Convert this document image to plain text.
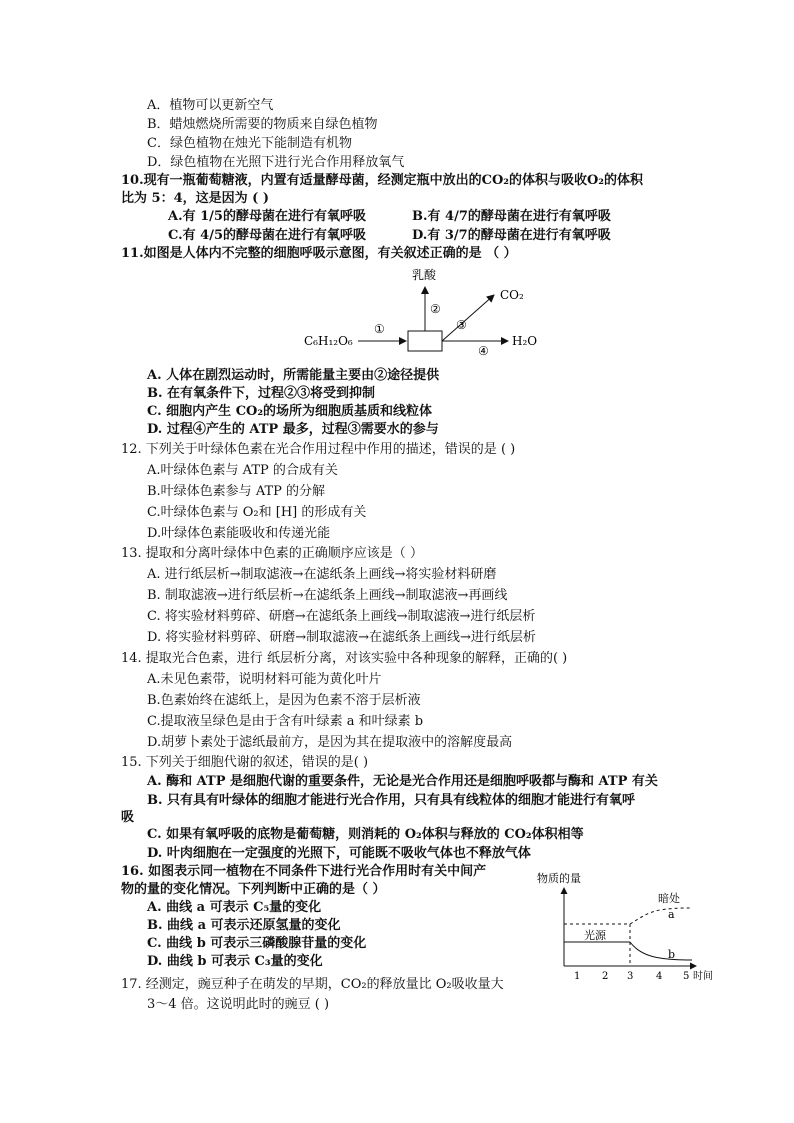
A．植物可以更新空气
B．蜡烛燃烧所需要的物质来自绿色植物
C．绿色植物在烛光下能制造有机物
D．绿色植物在光照下进行光合作用释放氧气
10.现有一瓶葡萄糖液，内置有适量酵母菌，经测定瓶中放出的CO₂的体积与吸收O₂的体积
比为 5：4，这是因为 ( )
A.有 1/5的酵母菌在进行有氧呼吸	B.有 4/7的酵母菌在进行有氧呼吸
C.有 4/5的酵母菌在进行有氧呼吸	D.有 3/7的酵母菌在进行有氧呼吸
11.如图是人体内不完整的细胞呼吸示意图，有关叙述正确的是 （ ）
C₆H₁₂O₆
①
乳酸
②
CO₂
③
H₂O
④
A. 人体在剧烈运动时，所需能量主要由②途径提供
B. 在有氧条件下，过程②③将受到抑制
C. 细胞内产生 CO₂的场所为细胞质基质和线粒体
D. 过程④产生的 ATP 最多，过程③需要水的参与
12. 下列关于叶绿体色素在光合作用过程中作用的描述，错误的是 ( )
A.叶绿体色素与 ATP 的合成有关
B.叶绿体色素参与 ATP 的分解
C.叶绿体色素与 O₂和 [H] 的形成有关
D.叶绿体色素能吸收和传递光能
13. 提取和分离叶绿体中色素的正确顺序应该是（ ）
A. 进行纸层析→制取滤液→在滤纸条上画线→将实验材料研磨
B. 制取滤液→进行纸层析→在滤纸条上画线→制取滤液→再画线
C. 将实验材料剪碎、研磨→在滤纸条上画线→制取滤液→进行纸层析
D. 将实验材料剪碎、研磨→制取滤液→在滤纸条上画线→进行纸层析
14. 提取光合色素，进行 纸层析分离，对该实验中各种现象的解释，正确的( )
A.未见色素带，说明材料可能为黄化叶片
B.色素始终在滤纸上，是因为色素不溶于层析液
C.提取液呈绿色是由于含有叶绿素 a 和叶绿素 b
D.胡萝卜素处于滤纸最前方，是因为其在提取液中的溶解度最高
15. 下列关于细胞代谢的叙述，错误的是( )
A. 酶和 ATP 是细胞代谢的重要条件，无论是光合作用还是细胞呼吸都与酶和 ATP 有关
B. 只有具有叶绿体的细胞才能进行光合作用，只有具有线粒体的细胞才能进行有氧呼
吸
C. 如果有氧呼吸的底物是葡萄糖，则消耗的 O₂体积与释放的 CO₂体积相等
D. 叶肉细胞在一定强度的光照下，可能既不吸收气体也不释放气体
16. 如图表示同一植物在不同条件下进行光合作用时有关中间产
物的量的变化情况。下列判断中正确的是（ ）
A. 曲线 a 可表示 C₅量的变化
B. 曲线 a 可表示还原氢量的变化
C. 曲线 b 可表示三磷酸腺苷量的变化
D. 曲线 b 可表示 C₃量的变化
物质的量
暗处
a
光源
b
1 2 3 4 5 时间
17. 经测定，豌豆种子在萌发的早期，CO₂的释放量比 O₂吸收量大
3～4 倍。这说明此时的豌豆 ( )
